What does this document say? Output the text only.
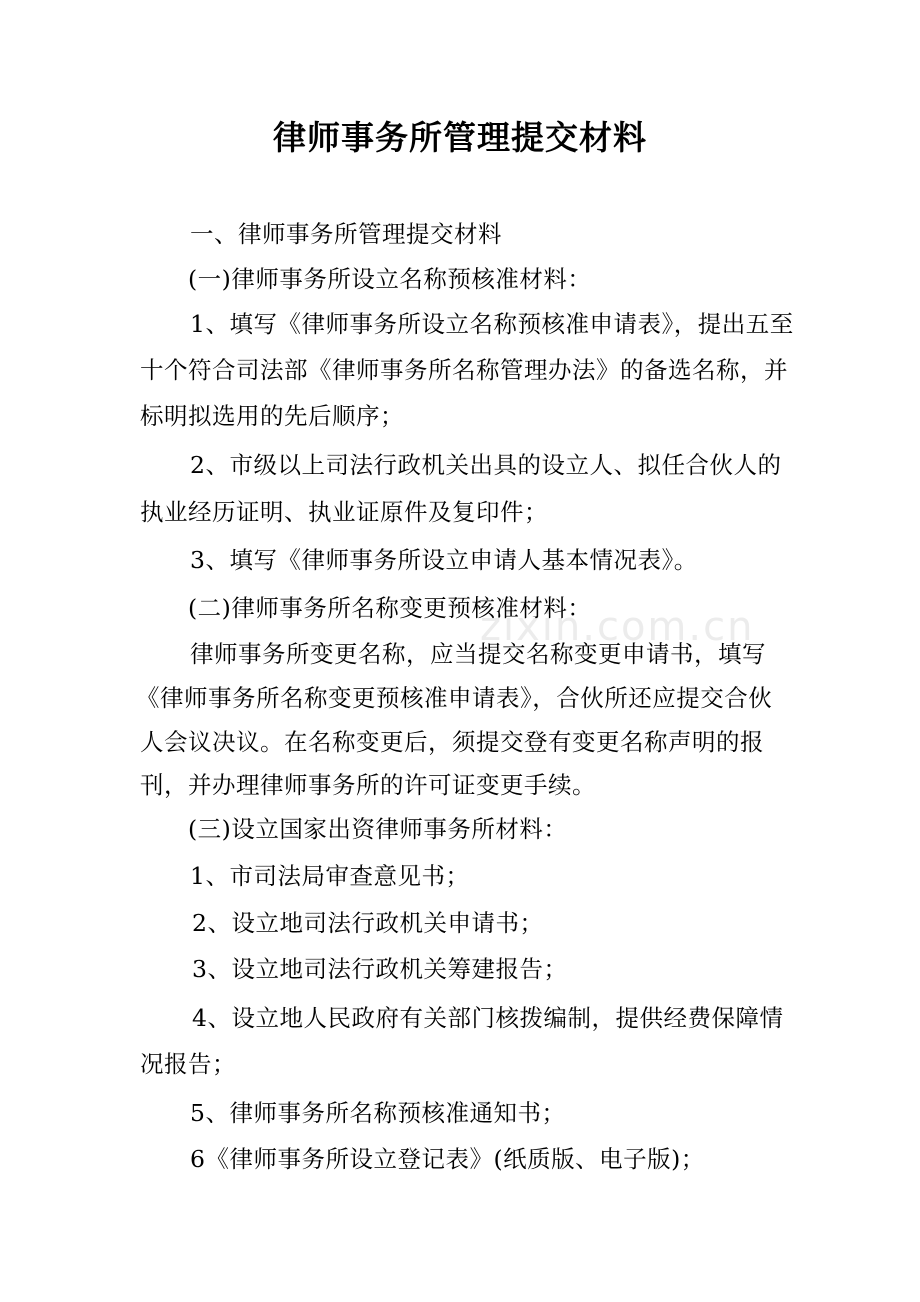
律师事务所管理提交材料
zixin.com.cn
一、律师事务所管理提交材料
(一)律师事务所设立名称预核准材料：
1、填写《律师事务所设立名称预核准申请表》，提出五至
十个符合司法部《律师事务所名称管理办法》的备选名称，并
标明拟选用的先后顺序；
2、市级以上司法行政机关出具的设立人、拟任合伙人的
执业经历证明、执业证原件及复印件；
3、填写《律师事务所设立申请人基本情况表》。
(二)律师事务所名称变更预核准材料：
律师事务所变更名称，应当提交名称变更申请书，填写
《律师事务所名称变更预核准申请表》，合伙所还应提交合伙
人会议决议。在名称变更后，须提交登有变更名称声明的报
刊，并办理律师事务所的许可证变更手续。
(三)设立国家出资律师事务所材料：
1、市司法局审查意见书；
2、设立地司法行政机关申请书；
3、设立地司法行政机关筹建报告；
4、设立地人民政府有关部门核拨编制，提供经费保障情
况报告；
5、律师事务所名称预核准通知书；
6《律师事务所设立登记表》(纸质版、电子版)；
